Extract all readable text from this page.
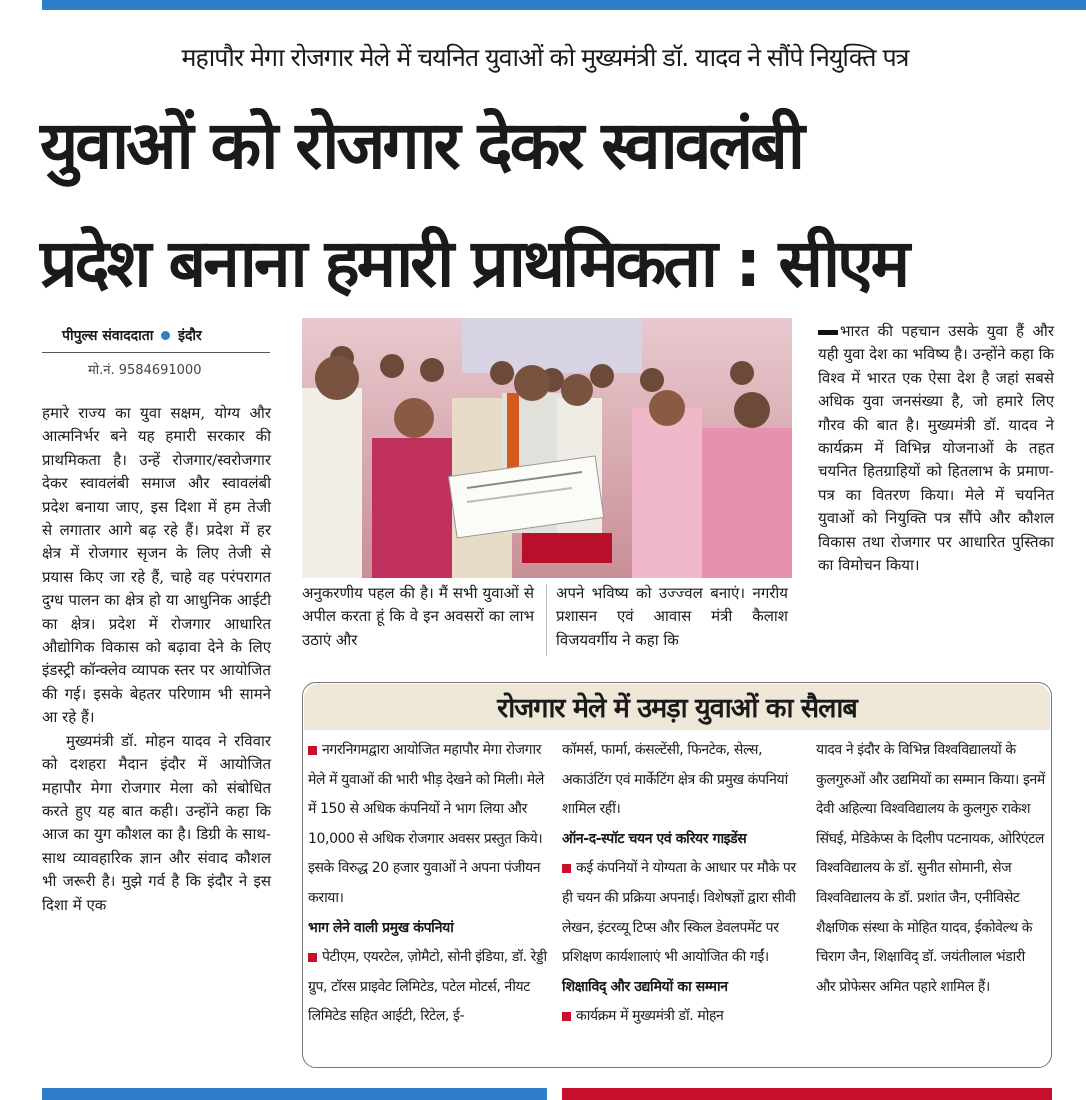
महापौर मेगा रोजगार मेले में चयनित युवाओं को मुख्यमंत्री डॉ. यादव ने सौंपे नियुक्ति पत्र
युवाओं को रोजगार देकर स्वावलंबी
प्रदेश बनाना हमारी प्राथमिकता : सीएम
पीपुल्स संवाददाता इंदौर
मो.नं. 9584691000

हमारे राज्य का युवा सक्षम, योग्य और आत्मनिर्भर बने यह हमारी सरकार की प्राथमिकता है। उन्हें रोजगार/स्वरोजगार देकर स्वावलंबी समाज और स्वावलंबी प्रदेश बनाया जाए, इस दिशा में हम तेजी से लगातार आगे बढ़ रहे हैं। प्रदेश में हर क्षेत्र में रोजगार सृजन के लिए तेजी से प्रयास किए जा रहे हैं, चाहे वह परंपरागत दुग्ध पालन का क्षेत्र हो या आधुनिक आईटी का क्षेत्र। प्रदेश में रोजगार आधारित औद्योगिक विकास को बढ़ावा देने के लिए इंडस्ट्री कॉन्क्लेव व्यापक स्तर पर आयोजित की गई। इसके बेहतर परिणाम भी सामने आ रहे हैं।

मुख्यमंत्री डॉ. मोहन यादव ने रविवार को दशहरा मैदान इंदौर में आयोजित महापौर मेगा रोजगार मेला को संबोधित करते हुए यह बात कही। उन्होंने कहा कि आज का युग कौशल का है। डिग्री के साथ-साथ व्यावहारिक ज्ञान और संवाद कौशल भी जरूरी है। मुझे गर्व है कि इंदौर ने इस दिशा में एक

भारत की पहचान उसके युवा हैं और यही युवा देश का भविष्य है। उन्होंने कहा कि विश्व में भारत एक ऐसा देश है जहां सबसे अधिक युवा जनसंख्या है, जो हमारे लिए गौरव की बात है। मुख्यमंत्री डॉ. यादव ने कार्यक्रम में विभिन्न योजनाओं के तहत चयनित हितग्राहियों को हितलाभ के प्रमाण-पत्र का वितरण किया। मेले में चयनित युवाओं को नियुक्ति पत्र सौंपे और कौशल विकास तथा रोजगार पर आधारित पुस्तिका का विमोचन किया।

अनुकरणीय पहल की है। मैं सभी युवाओं से अपील करता हूं कि वे इन अवसरों का लाभ उठाएं और

अपने भविष्य को उज्ज्वल बनाएं। नगरीय प्रशासन एवं आवास मंत्री कैलाश विजयवर्गीय ने कहा कि

रोजगार मेले में उमड़ा युवाओं का सैलाब

नगरनिगमद्वारा आयोजित महापौर मेगा रोजगार मेले में युवाओं की भारी भीड़ देखने को मिली। मेले में 150 से अधिक कंपनियों ने भाग लिया और 10,000 से अधिक रोजगार अवसर प्रस्तुत किये। इसके विरुद्ध 20 हजार युवाओं ने अपना पंजीयन कराया।

भाग लेने वाली प्रमुख कंपनियां

पेटीएम, एयरटेल, ज़ोमैटो, सोनी इंडिया, डॉ. रेड्डी ग्रुप, टॉरस प्राइवेट लिमिटेड, पटेल मोटर्स, नीयट लिमिटेड सहित आईटी, रिटेल, ई-

कॉमर्स, फार्मा, कंसल्टेंसी, फिनटेक, सेल्स, अकाउंटिंग एवं मार्केटिंग क्षेत्र की प्रमुख कंपनियां शामिल रहीं।

ऑन-द-स्पॉट चयन एवं करियर गाइडेंस

कई कंपनियों ने योग्यता के आधार पर मौके पर ही चयन की प्रक्रिया अपनाई। विशेषज्ञों द्वारा सीवी लेखन, इंटरव्यू टिप्स और स्किल डेवलपमेंट पर प्रशिक्षण कार्यशालाएं भी आयोजित की गईं।

शिक्षाविद् और उद्यमियों का सम्मान

कार्यक्रम में मुख्यमंत्री डॉ. मोहन

यादव ने इंदौर के विभिन्न विश्वविद्यालयों के कुलगुरुओं और उद्यमियों का सम्मान किया। इनमें देवी अहिल्या विश्वविद्यालय के कुलगुरु राकेश सिंघई, मेडिकेप्स के दिलीप पटनायक, ओरिएंटल विश्वविद्यालय के डॉ. सुनीत सोमानी, सेज विश्वविद्यालय के डॉ. प्रशांत जैन, एनीविसेट शैक्षणिक संस्था के मोहित यादव, ईकोवेल्थ के चिराग जैन, शिक्षाविद् डॉ. जयंतीलाल भंडारी और प्रोफेसर अमित पहारे शामिल हैं।
